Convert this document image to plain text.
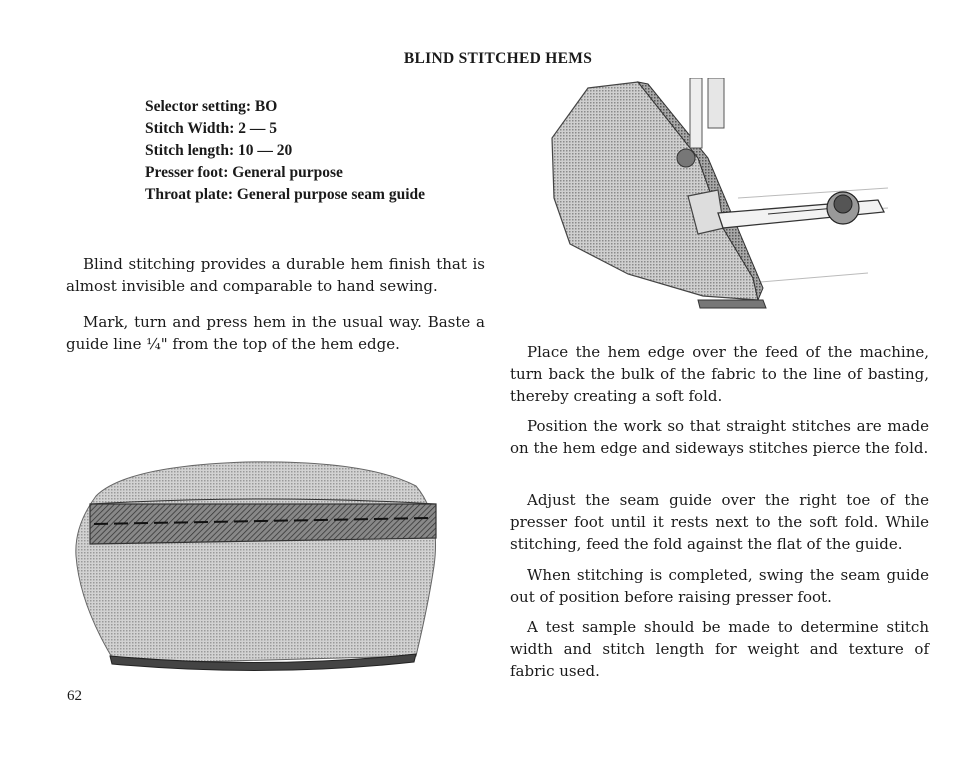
BLIND STITCHED HEMS
Selector setting: BO
Stitch Width: 2 — 5
Stitch length: 10 — 20
Presser foot: General purpose
Throat plate: General purpose seam guide

Blind stitching provides a durable hem finish that is almost invisible and comparable to hand sewing.

Mark, turn and press hem in the usual way. Baste a guide line ¼" from the top of the hem edge.	Place the hem edge over the feed of the machine, turn back the bulk of the fabric to the line of basting, thereby creating a soft fold.

Position the work so that straight stitches are made on the hem edge and sideways stitches pierce the fold.

Adjust the seam guide over the right toe of the presser foot until it rests next to the soft fold. While stitching, feed the fold against the flat of the guide.

When stitching is completed, swing the seam guide out of position before raising presser foot.

A test sample should be made to determine stitch width and stitch length for weight and texture of fabric used.

62
